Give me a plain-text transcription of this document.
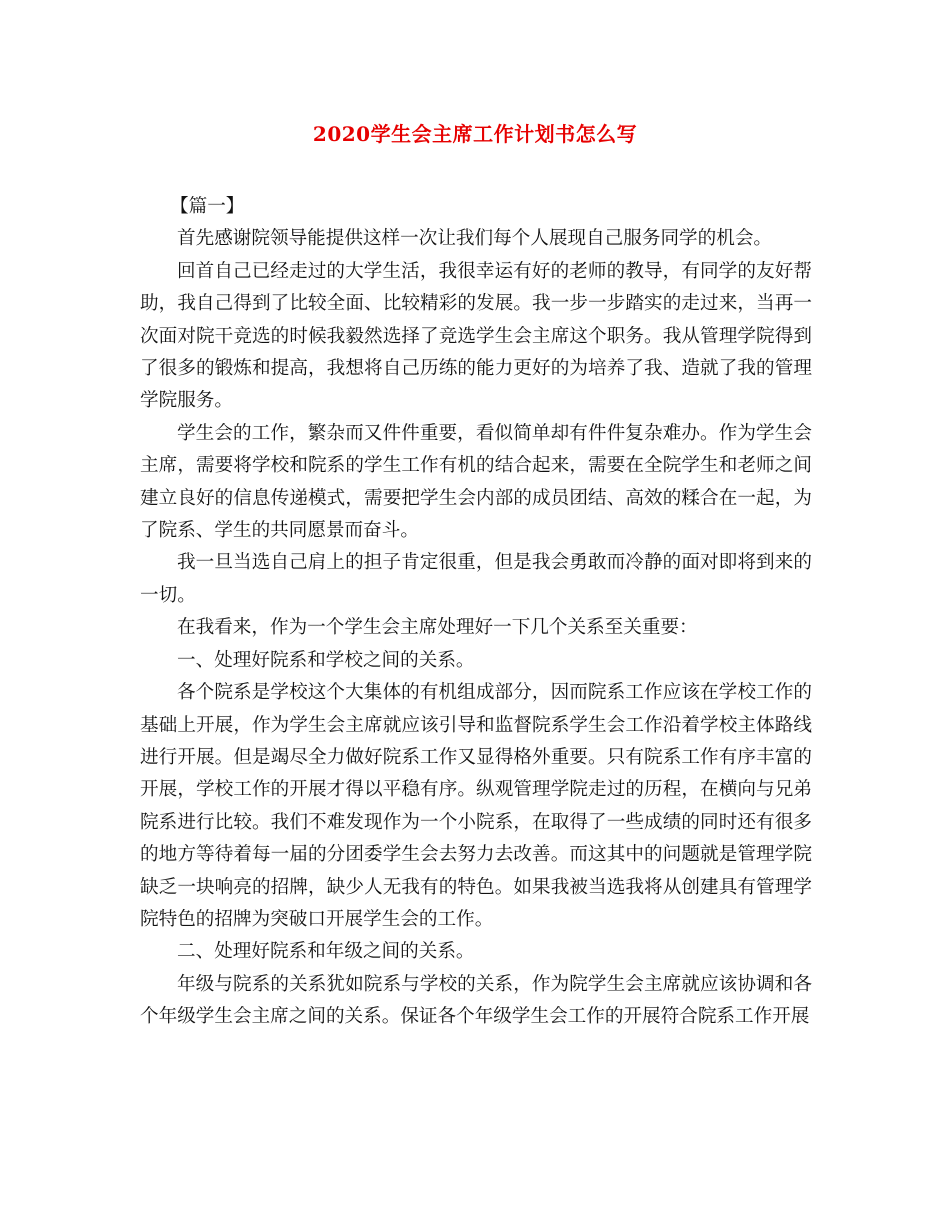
2020学生会主席工作计划书怎么写

【篇一】

首先感谢院领导能提供这样一次让我们每个人展现自己服务同学的机会。

回首自己已经走过的大学生活，我很幸运有好的老师的教导，有同学的友好帮助，我自己得到了比较全面、比较精彩的发展。我一步一步踏实的走过来，当再一次面对院干竞选的时候我毅然选择了竞选学生会主席这个职务。我从管理学院得到了很多的锻炼和提高，我想将自己历练的能力更好的为培养了我、造就了我的管理学院服务。

学生会的工作，繁杂而又件件重要，看似简单却有件件复杂难办。作为学生会主席，需要将学校和院系的学生工作有机的结合起来，需要在全院学生和老师之间建立良好的信息传递模式，需要把学生会内部的成员团结、高效的糅合在一起，为了院系、学生的共同愿景而奋斗。

我一旦当选自己肩上的担子肯定很重，但是我会勇敢而冷静的面对即将到来的一切。

在我看来，作为一个学生会主席处理好一下几个关系至关重要：

一、处理好院系和学校之间的关系。

各个院系是学校这个大集体的有机组成部分，因而院系工作应该在学校工作的基础上开展，作为学生会主席就应该引导和监督院系学生会工作沿着学校主体路线进行开展。但是竭尽全力做好院系工作又显得格外重要。只有院系工作有序丰富的开展，学校工作的开展才得以平稳有序。纵观管理学院走过的历程，在横向与兄弟院系进行比较。我们不难发现作为一个小院系，在取得了一些成绩的同时还有很多的地方等待着每一届的分团委学生会去努力去改善。而这其中的问题就是管理学院缺乏一块响亮的招牌，缺少人无我有的特色。如果我被当选我将从创建具有管理学院特色的招牌为突破口开展学生会的工作。

二、处理好院系和年级之间的关系。

年级与院系的关系犹如院系与学校的关系，作为院学生会主席就应该协调和各个年级学生会主席之间的关系。保证各个年级学生会工作的开展符合院系工作开展
